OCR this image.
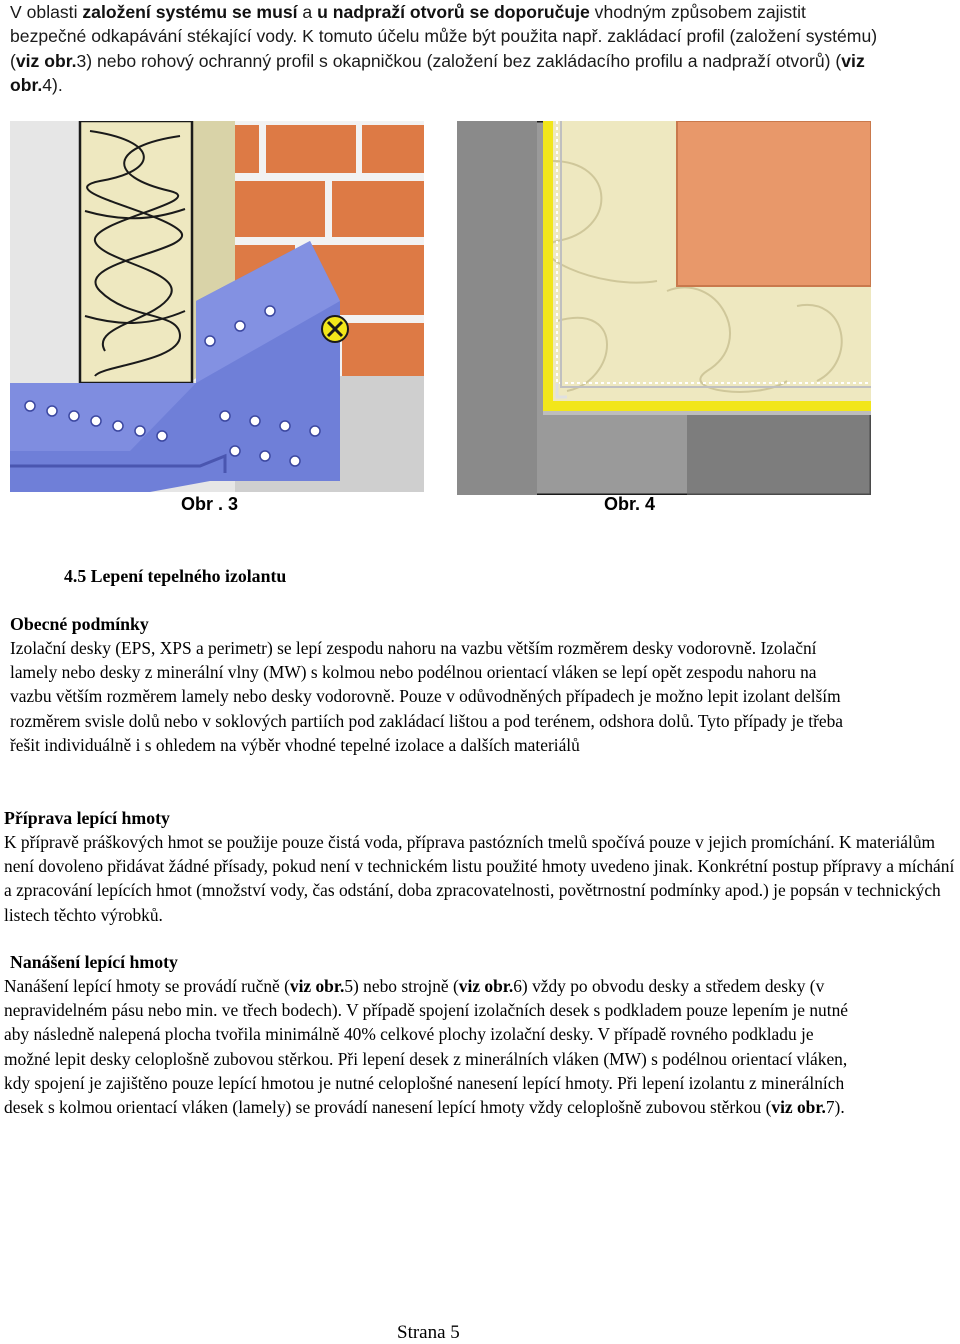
V oblasti založení systému se musí a u nadpraží otvorů se doporučuje vhodným způsobem zajistit bezpečné odkapávání stékající vody. K tomuto účelu může být použita např. zakládací profil (založení systému) (viz obr.3) nebo rohový ochranný profil s okapničkou (založení bez zakládacího profilu a nadpraží otvorů) (viz obr.4).

Obr . 3	Obr. 4
4.5 Lepení tepelného izolantu
Obecné podmínky

Izolační desky (EPS, XPS a perimetr) se lepí zespodu nahoru na vazbu větším rozměrem desky vodorovně. Izolační lamely nebo desky z minerální vlny (MW) s kolmou nebo podélnou orientací vláken se lepí opět zespodu nahoru na vazbu větším rozměrem lamely nebo desky vodorovně. Pouze v odůvodněných případech je možno lepit izolant delším rozměrem svisle dolů nebo v soklových partiích pod zakládací lištou a pod terénem, odshora dolů. Tyto případy je třeba řešit individuálně i s ohledem na výběr vhodné tepelné izolace a dalších materiálů

Příprava lepící hmoty

K přípravě práškových hmot se použije pouze čistá voda, příprava pastózních tmelů spočívá pouze v jejich promíchání. K materiálům není dovoleno přidávat žádné přísady, pokud není v technickém listu použité hmoty uvedeno jinak. Konkrétní postup přípravy a míchání a zpracování lepících hmot (množství vody, čas odstání, doba zpracovatelnosti, povětrnostní podmínky apod.) je popsán v technických listech těchto výrobků.

Nanášení lepící hmoty

Nanášení lepící hmoty se provádí ručně (viz obr.5) nebo strojně (viz obr.6) vždy po obvodu desky a středem desky (v nepravidelném pásu nebo min. ve třech bodech). V případě spojení izolačních desek s podkladem pouze lepením je nutné aby následně nalepená plocha tvořila minimálně 40% celkové plochy izolační desky. V případě rovného podkladu je možné lepit desky celoplošně zubovou stěrkou. Při lepení desek z minerálních vláken (MW) s podélnou orientací vláken, kdy spojení je zajištěno pouze lepící hmotou je nutné celoplošné nanesení lepící hmoty. Při lepení izolantu z minerálních desek s kolmou orientací vláken (lamely) se provádí nanesení lepící hmoty vždy celoplošně zubovou stěrkou (viz obr.7).

Strana 5
